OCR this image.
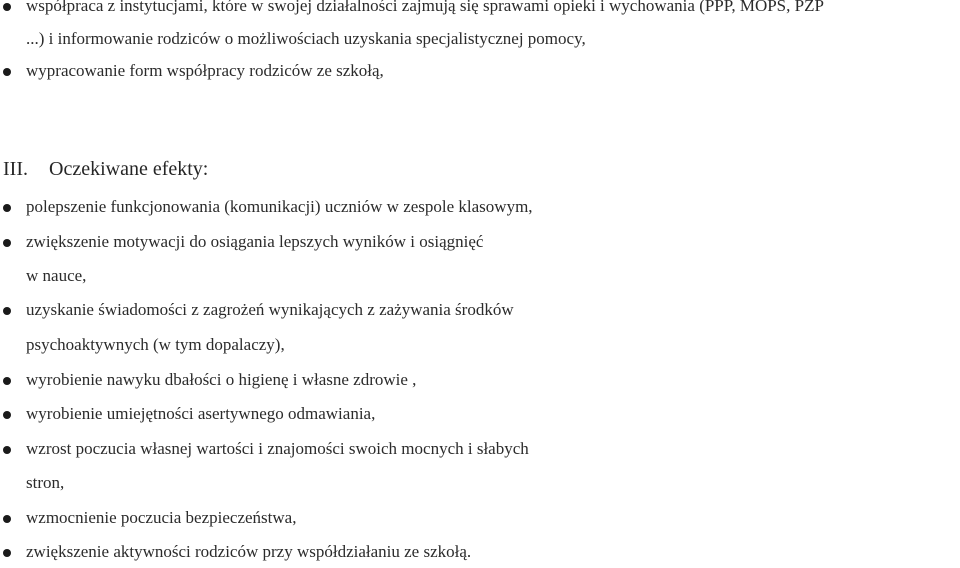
współpraca z instytucjami, które w swojej działalności zajmują się sprawami opieki i wychowania (PPP, MOPS, PZP
...) i informowanie rodziców o możliwościach uzyskania specjalistycznej pomocy,
wypracowanie form współpracy rodziców ze szkołą,
III. Oczekiwane efekty:
polepszenie funkcjonowania (komunikacji) uczniów w zespole klasowym,
zwiększenie motywacji do osiągania lepszych wyników i osiągnięć
w nauce,
uzyskanie świadomości z zagrożeń wynikających z zażywania środków
psychoaktywnych (w tym dopalaczy),
wyrobienie nawyku dbałości o higienę i własne zdrowie ,
wyrobienie umiejętności asertywnego odmawiania,
wzrost poczucia własnej wartości i znajomości swoich mocnych i słabych
stron,
wzmocnienie poczucia bezpieczeństwa,
zwiększenie aktywności rodziców przy współdziałaniu ze szkołą.
